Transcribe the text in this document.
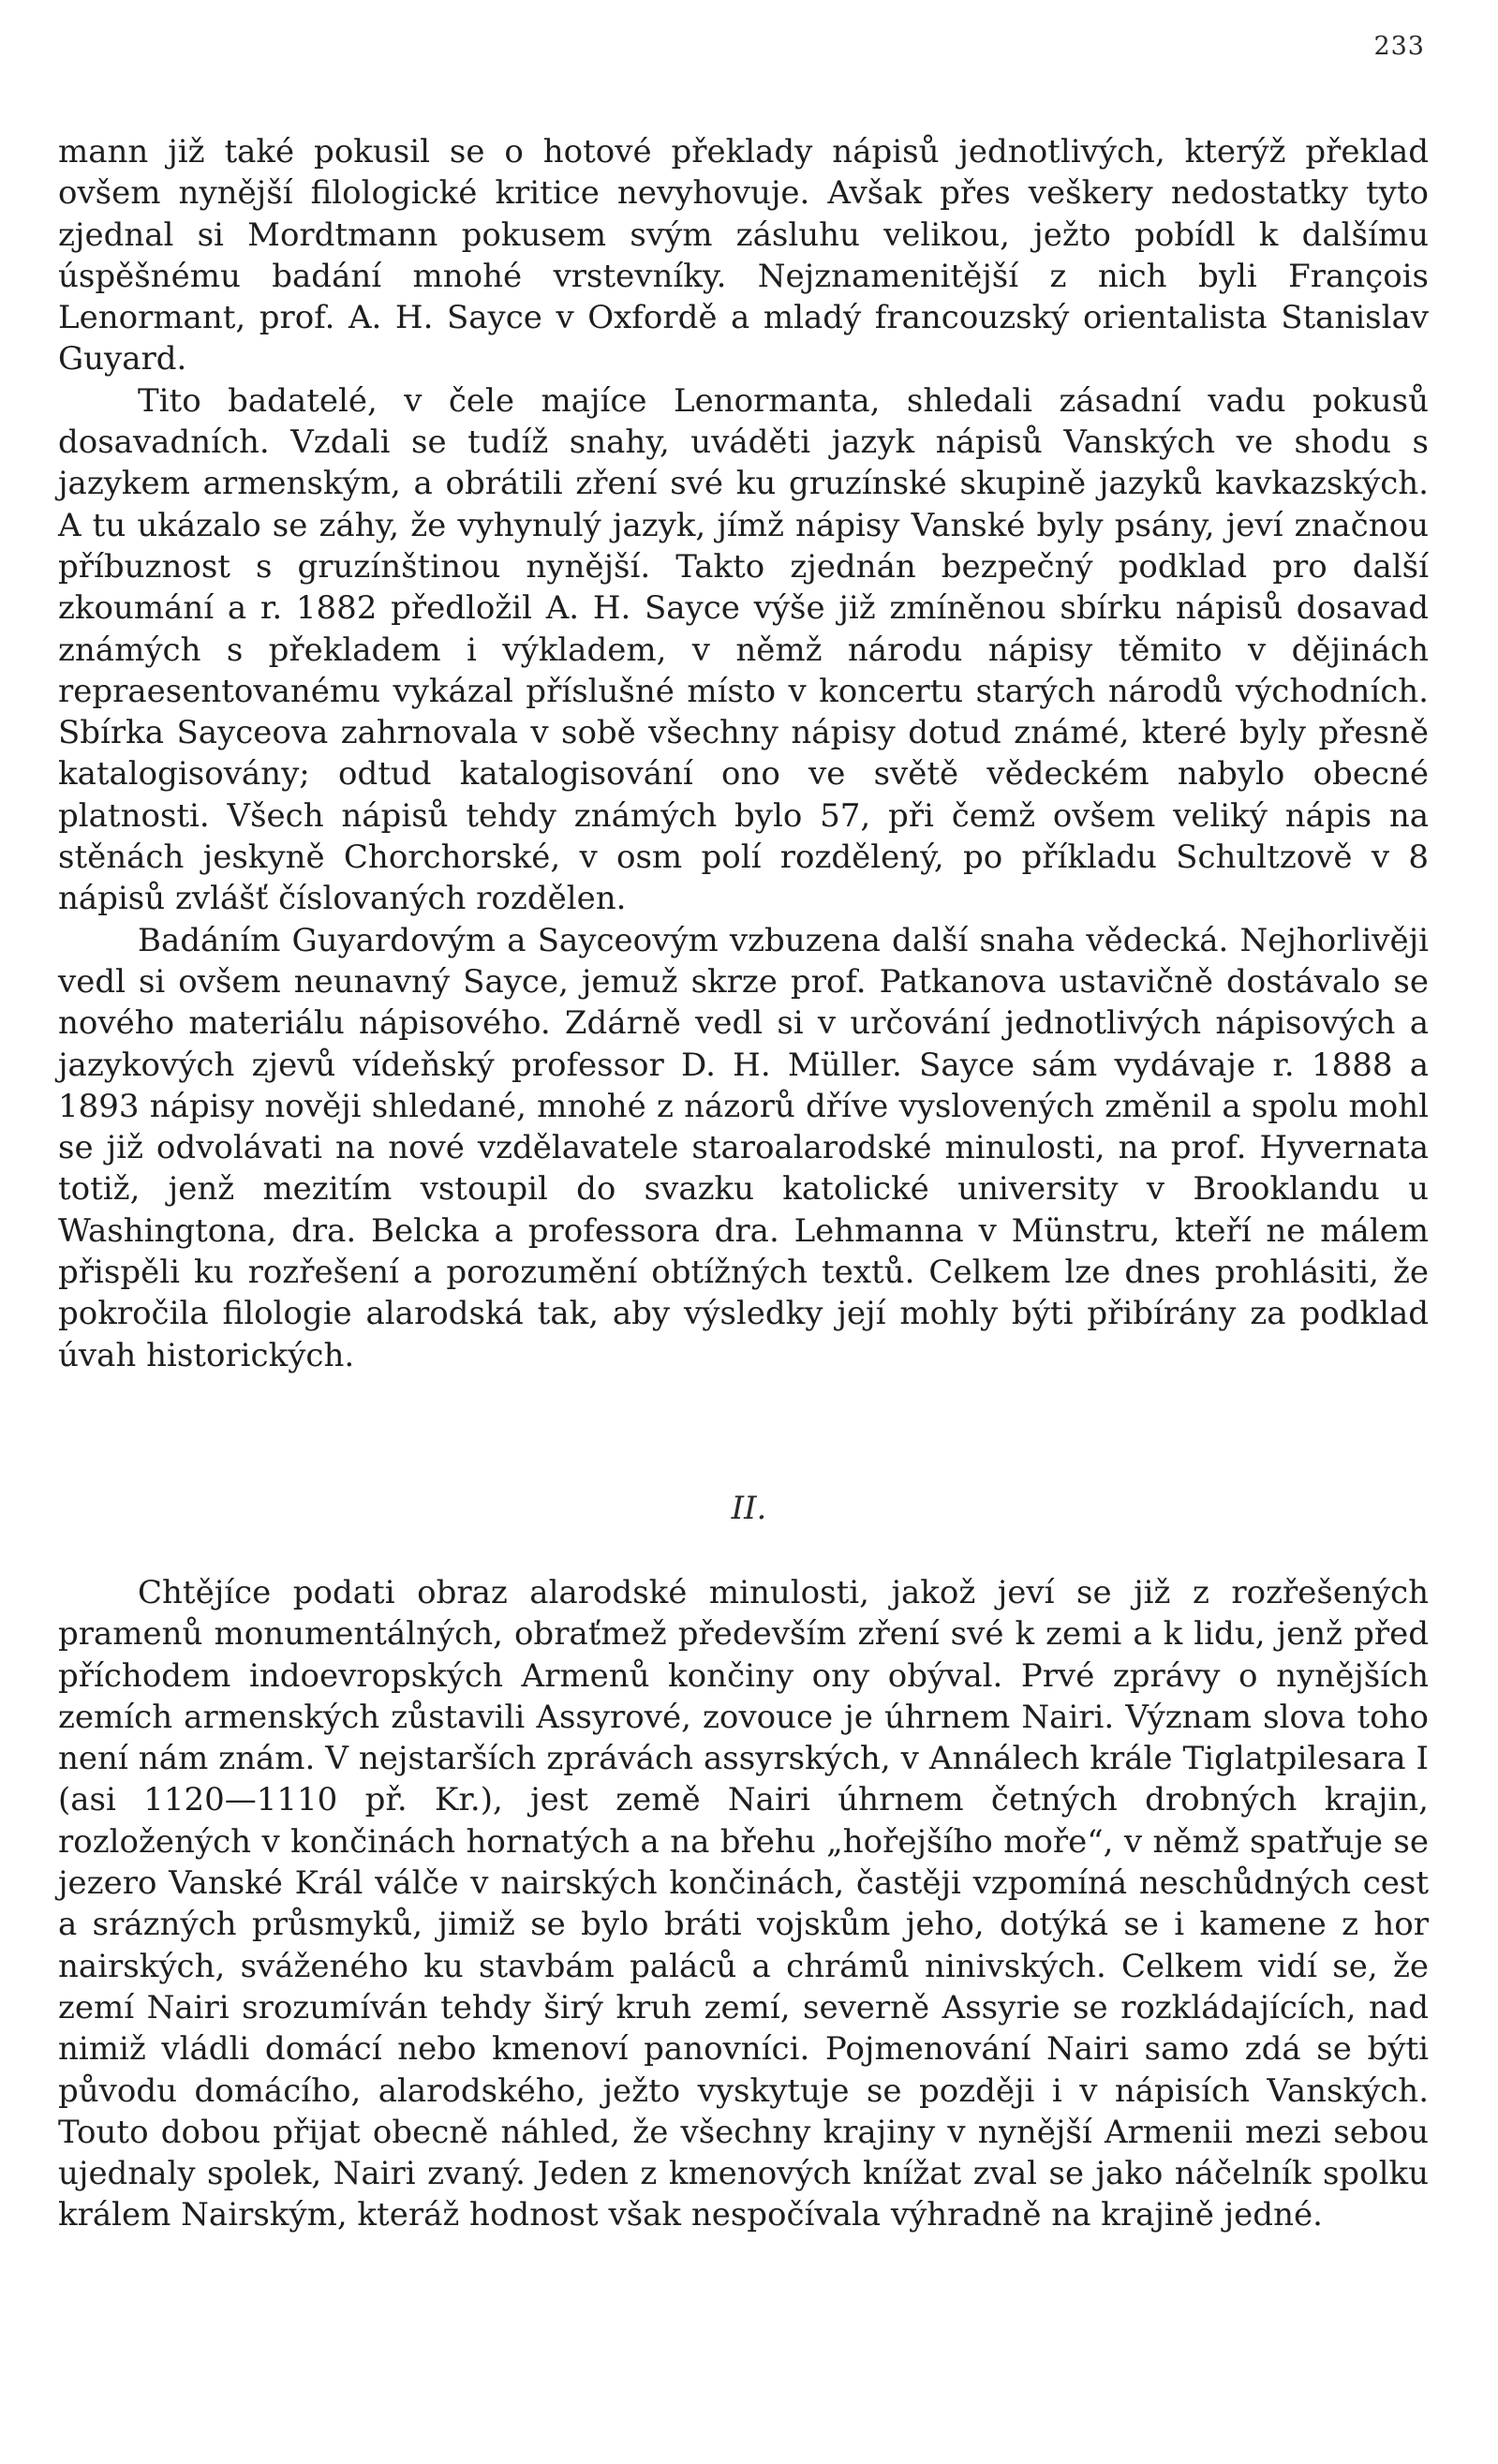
233

mann již také pokusil se o hotové překlady nápisů jednotlivých, kterýž překlad ovšem nynější filologické kritice nevyhovuje. Avšak přes veškery nedostatky tyto zjednal si Mordtmann pokusem svým zásluhu velikou, ježto pobídl k dalšímu úspěšnému badání mnohé vrstevníky. Nejznamenitější z nich byli François Lenormant, prof. A. H. Sayce v Oxfordě a mladý francouzský orientalista Stanislav Guyard.

Tito badatelé, v čele majíce Lenormanta, shledali zásadní vadu pokusů dosavadních. Vzdali se tudíž snahy, uváděti jazyk nápisů Vanských ve shodu s jazykem armenským, a obrátili zření své ku gruzínské skupině jazyků kavkazských. A tu ukázalo se záhy, že vyhynulý jazyk, jímž nápisy Vanské byly psány, jeví značnou příbuznost s gruzínštinou nynější. Takto zjednán bezpečný podklad pro další zkoumání a r. 1882 předložil A. H. Sayce výše již zmíněnou sbírku nápisů dosavad známých s překladem i výkladem, v němž národu nápisy těmito v dějinách repraesentovanému vykázal příslušné místo v koncertu starých národů východních. Sbírka Sayceova zahrnovala v sobě všechny nápisy dotud známé, které byly přesně katalogisovány; odtud katalogisování ono ve světě vědeckém nabylo obecné platnosti. Všech nápisů tehdy známých bylo 57, při čemž ovšem veliký nápis na stěnách jeskyně Chorchorské, v osm polí rozdělený, po příkladu Schultzově v 8 nápisů zvlášť číslovaných rozdělen.

Badáním Guyardovým a Sayceovým vzbuzena další snaha vědecká. Nejhorlivěji vedl si ovšem neunavný Sayce, jemuž skrze prof. Patkanova ustavičně dostávalo se nového materiálu nápisového. Zdárně vedl si v určování jednotlivých nápisových a jazykových zjevů vídeňský professor D. H. Müller. Sayce sám vydávaje r. 1888 a 1893 nápisy nověji shledané, mnohé z názorů dříve vyslovených změnil a spolu mohl se již odvolávati na nové vzdělavatele staroalarodské minulosti, na prof. Hyvernata totiž, jenž mezitím vstoupil do svazku katolické university v Brooklandu u Washingtona, dra. Belcka a professora dra. Lehmanna v Münstru, kteří ne málem přispěli ku rozřešení a porozumění obtížných textů. Celkem lze dnes prohlásiti, že pokročila filologie alarodská tak, aby výsledky její mohly býti přibírány za podklad úvah historických.

II.

Chtějíce podati obraz alarodské minulosti, jakož jeví se již z rozřešených pramenů monumentálných, obraťmež především zření své k zemi a k lidu, jenž před příchodem indoevropských Armenů končiny ony obýval. Prvé zprávy o nynějších zemích armenských zůstavili Assyrové, zovouce je úhrnem Nairi. Význam slova toho není nám znám. V nejstarších zprávách assyrských, v Annálech krále Tiglatpilesara I (asi 1120—1110 př. Kr.), jest země Nairi úhrnem četných drobných krajin, rozložených v končinách hornatých a na břehu „hořejšího moře“, v němž spatřuje se jezero Vanské Král válče v nairských končinách, častěji vzpomíná neschůdných cest a srázných průsmyků, jimiž se bylo bráti vojskům jeho, dotýká se i kamene z hor nairských, sváženého ku stavbám paláců a chrámů ninivských. Celkem vidí se, že zemí Nairi srozumíván tehdy širý kruh zemí, severně Assyrie se rozkládajících, nad nimiž vládli domácí nebo kmenoví panovníci. Pojmenování Nairi samo zdá se býti původu domácího, alarodského, ježto vyskytuje se později i v nápisích Vanských. Touto dobou přijat obecně náhled, že všechny krajiny v nynější Armenii mezi sebou ujednaly spolek, Nairi zvaný. Jeden z kmenových knížat zval se jako náčelník spolku králem Nairským, kteráž hodnost však nespočívala výhradně na krajině jedné.
